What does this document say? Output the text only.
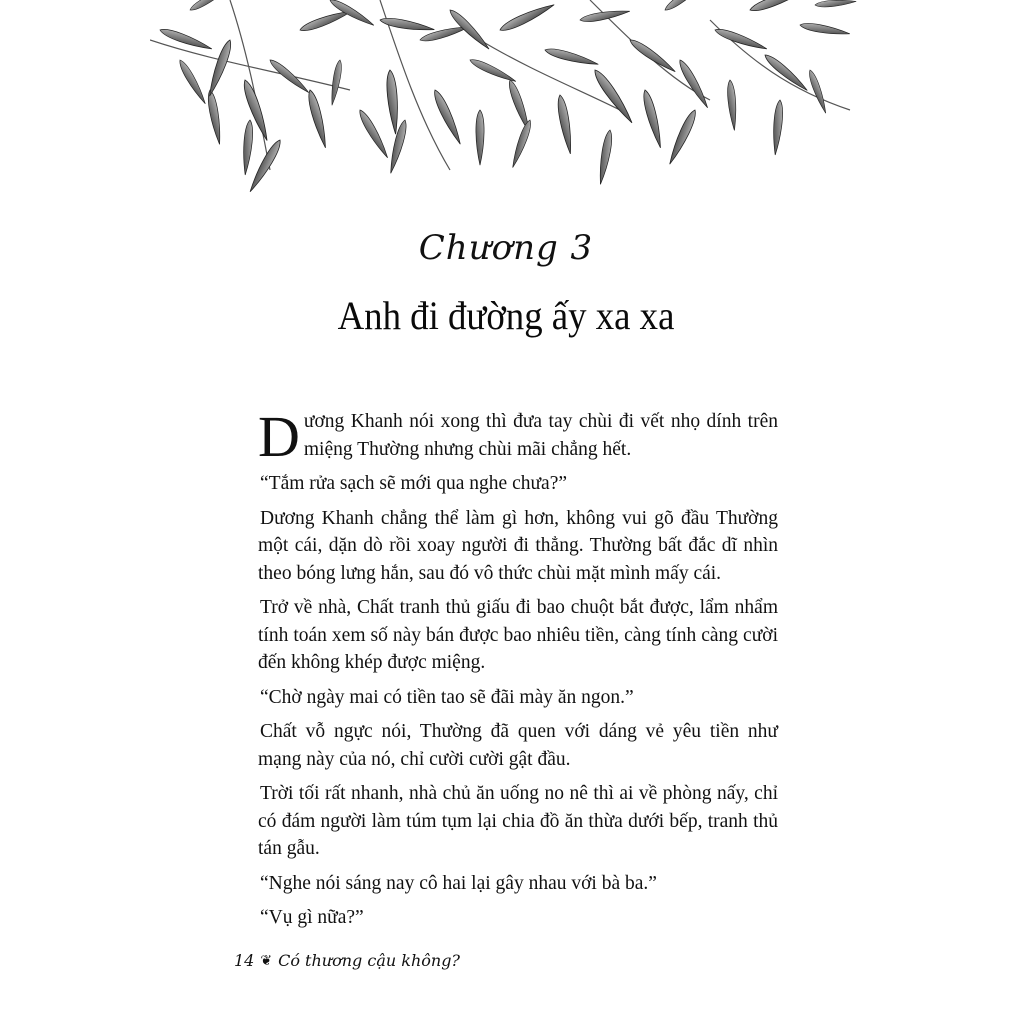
Chương 3
Anh đi đường ấy xa xa

Dương Khanh nói xong thì đưa tay chùi đi vết nhọ dính trên miệng Thường nhưng chùi mãi chẳng hết.

“Tắm rửa sạch sẽ mới qua nghe chưa?”

Dương Khanh chẳng thể làm gì hơn, không vui gõ đầu Thường một cái, dặn dò rồi xoay người đi thẳng. Thường bất đắc dĩ nhìn theo bóng lưng hắn, sau đó vô thức chùi mặt mình mấy cái.

Trở về nhà, Chất tranh thủ giấu đi bao chuột bắt được, lẩm nhẩm tính toán xem số này bán được bao nhiêu tiền, càng tính càng cười đến không khép được miệng.

“Chờ ngày mai có tiền tao sẽ đãi mày ăn ngon.”

Chất vỗ ngực nói, Thường đã quen với dáng vẻ yêu tiền như mạng này của nó, chỉ cười cười gật đầu.

Trời tối rất nhanh, nhà chủ ăn uống no nê thì ai về phòng nấy, chỉ có đám người làm túm tụm lại chia đồ ăn thừa dưới bếp, tranh thủ tán gẫu.

“Nghe nói sáng nay cô hai lại gây nhau với bà ba.”

“Vụ gì nữa?”

14 ❦ Có thương cậu không?
